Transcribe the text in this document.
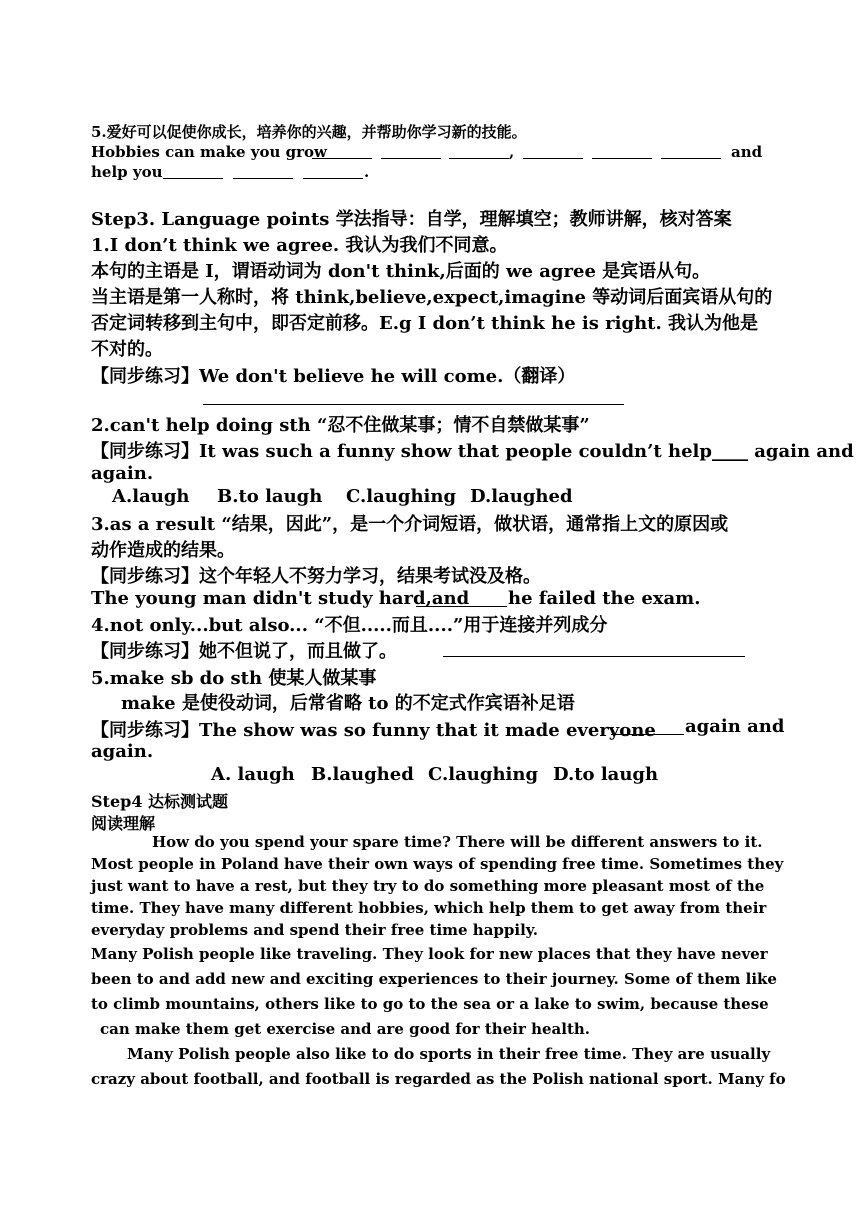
5.爱好可以促使你成长，培养你的兴趣，并帮助你学习新的技能。
Hobbies can make you grow	,	and
help you	.
Step3. Language points 学法指导：自学，理解填空；教师讲解，核对答案
1.I don’t think we agree. 我认为我们不同意。
本句的主语是 I，谓语动词为 don't think,后面的 we agree 是宾语从句。
当主语是第一人称时，将 think,believe,expect,imagine 等动词后面宾语从句的
否定词转移到主句中，即否定前移。E.g I don’t think he is right. 我认为他是
不对的。
【同步练习】We don't believe he will come.（翻译）
2.can't help doing sth “忍不住做某事；情不自禁做某事”
【同步练习】It was such a funny show that people couldn’t help____ again and
again.
A.laugh B.to laugh C.laughing D.laughed
3.as a result “结果，因此”，是一个介词短语，做状语，通常指上文的原因或
动作造成的结果。
【同步练习】这个年轻人不努力学习，结果考试没及格。
The young man didn't study hard,and he failed the exam.
4.not only...but also... “不但.....而且....”用于连接并列成分
【同步练习】她不但说了，而且做了。
5.make sb do sth 使某人做某事
make 是使役动词，后常省略 to 的不定式作宾语补足语
【同步练习】The show was so funny that it made everyone again and
again.
A. laugh B.laughed C.laughing D.to laugh
Step4 达标测试题
阅读理解
How do you spend your spare time? There will be different answers to it.
Most people in Poland have their own ways of spending free time. Sometimes they
just want to have a rest, but they try to do something more pleasant most of the
time. They have many different hobbies, which help them to get away from their
everyday problems and spend their free time happily.
Many Polish people like traveling. They look for new places that they have never
been to and add new and exciting experiences to their journey. Some of them like
to climb mountains, others like to go to the sea or a lake to swim, because these
can make them get exercise and are good for their health.
Many Polish people also like to do sports in their free time. They are usually
crazy about football, and football is regarded as the Polish national sport. Many fo
